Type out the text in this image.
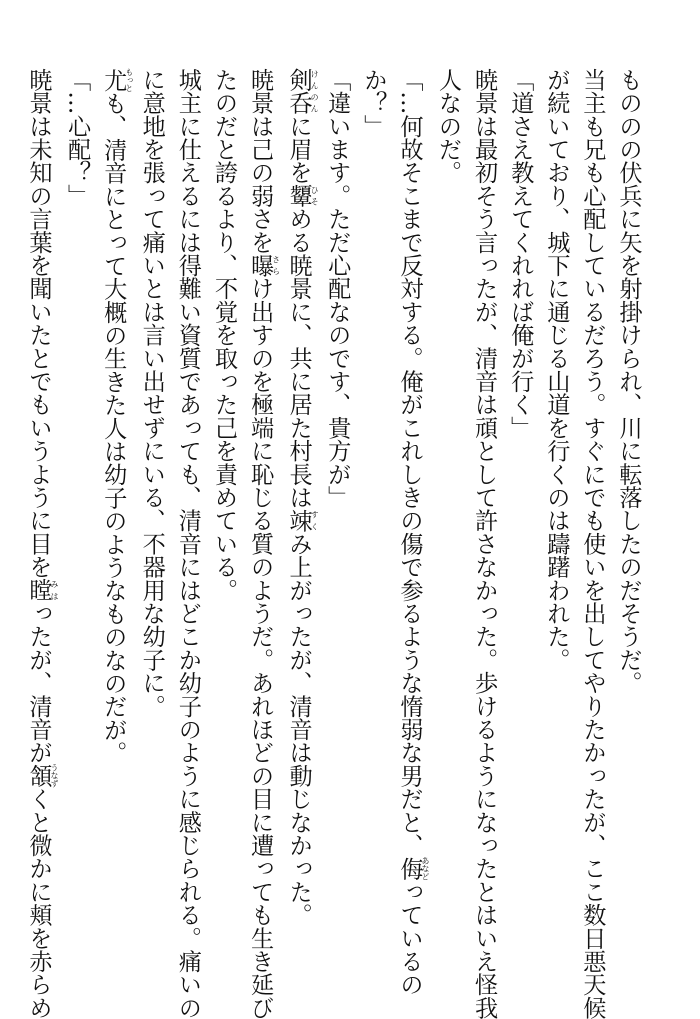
もののの伏兵に矢を射掛けられ、川に転落したのだそうだ。
当主も兄も心配しているだろう。すぐにでも使いを出してやりたかったが、ここ数日悪天候
が続いており、城下に通じる山道を行くのは躊躇われた。
「道さえ教えてくれれば俺が行く」
暁景は最初そう言ったが、清音は頑として許さなかった。歩けるようになったとはいえ怪我
人なのだ。
「…何故そこまで反対する。俺がこれしきの傷で参るような惰弱な男だと、侮あなどっているの
か？」
「違います。ただ心配なのです、貴方が」
剣呑けんのんに眉を顰ひそめる暁景に、共に居た村長は竦すくみ上がったが、清音は動じなかった。
暁景は己の弱さを曝さらけ出すのを極端に恥じる質のようだ。あれほどの目に遭っても生き延び
たのだと誇るより、不覚を取った己を責めている。
城主に仕えるには得難い資質であっても、清音にはどこか幼子のように感じられる。痛いの
に意地を張って痛いとは言い出せずにいる、不器用な幼子に。
尤もっとも、清音にとって大概の生きた人は幼子のようなものなのだが。
「…心配？」
暁景は未知の言葉を聞いたとでもいうように目を瞠みはったが、清音が頷うなずくと微かに頬を赤らめ
